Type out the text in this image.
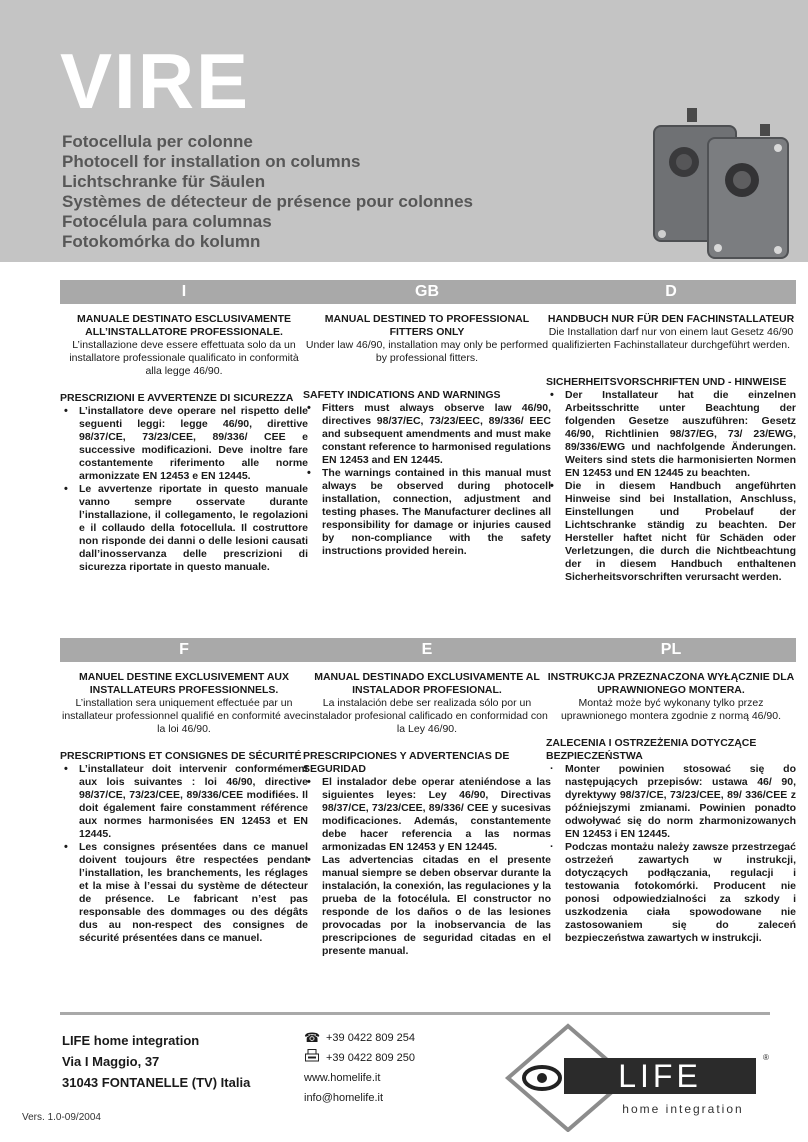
VIRE
Fotocellula per colonne
Photocell for installation on columns
Lichtschranke für Säulen
Systèmes de détecteur de présence pour colonnes
Fotocélula para columnas
Fotokomórka do kolumn
I
MANUALE DESTINATO ESCLUSIVAMENTE ALL’INSTALLATORE PROFESSIONALE.
L’installazione deve essere effettuata solo da un installatore professionale qualificato in conformità alla legge 46/90.
PRESCRIZIONI E AVVERTENZE DI SICUREZZA
• L’installatore deve operare nel rispetto delle seguenti leggi: legge 46/90, direttive 98/37/CE, 73/23/CEE, 89/336/ CEE e successive modificazioni. Deve inoltre fare costantemente riferimento alle norme armonizzate EN 12453 e EN 12445.
• Le avvertenze riportate in questo manuale vanno sempre osservate durante l’installazione, il collegamento, le regolazioni e il collaudo della fotocellula. Il costruttore non risponde dei danni o delle lesioni causati dall’inosservanza delle prescrizioni di sicurezza riportate in questo manuale.
GB
MANUAL DESTINED TO PROFESSIONAL FITTERS ONLY
Under law 46/90, installation may only be performed by professional fitters.
SAFETY INDICATIONS AND WARNINGS
• Fitters must always observe law 46/90, directives 98/37/EC, 73/23/EEC, 89/336/ EEC and subsequent amendments and must make constant reference to harmonised regulations EN 12453 and EN 12445.
• The warnings contained in this manual must always be observed during photocell installation, connection, adjustment and testing phases. The Manufacturer declines all responsibility for damage or injuries caused by non-compliance with the safety instructions provided herein.
D
HANDBUCH NUR FÜR DEN FACHINSTALLATEUR
Die Installation darf nur von einem laut Gesetz 46/90 qualifizierten Fachinstallateur durchgeführt werden.
SICHERHEITSVORSCHRIFTEN UND - HINWEISE
• Der Installateur hat die einzelnen Arbeitsschritte unter Beachtung der folgenden Gesetze auszuführen: Gesetz 46/90, Richtlinien 98/37/EG, 73/ 23/EWG, 89/336/EWG und nachfolgende Änderungen. Weiters sind stets die harmonisierten Normen EN 12453 und EN 12445 zu beachten.
• Die in diesem Handbuch angeführten Hinweise sind bei Installation, Anschluss, Einstellungen und Probelauf der Lichtschranke ständig zu beachten. Der Hersteller haftet nicht für Schäden oder Verletzungen, die durch die Nichtbeachtung der in diesem Handbuch enthaltenen Sicherheitsvorschriften verursacht werden.
F
MANUEL DESTINE EXCLUSIVEMENT AUX INSTALLATEURS PROFESSIONNELS.
L’installation sera uniquement effectuée par un installateur professionnel qualifié en conformité avec la loi 46/90.
PRESCRIPTIONS ET CONSIGNES DE SÉCURITÉ
• L’installateur doit intervenir conformément aux lois suivantes : loi 46/90, directive 98/37/CE, 73/23/CEE, 89/336/CEE modifiées. Il doit également faire constamment référence aux normes harmonisées EN 12453 et EN 12445.
• Les consignes présentées dans ce manuel doivent toujours être respectées pendant l’installation, les branchements, les réglages et la mise à l’essai du système de détecteur de présence. Le fabricant n’est pas responsable des dommages ou des dégâts dus au non-respect des consignes de sécurité présentées dans ce manuel.
E
MANUAL DESTINADO EXCLUSIVAMENTE AL INSTALADOR PROFESIONAL.
La instalación debe ser realizada sólo por un instalador profesional calificado en conformidad con la Ley 46/90.
PRESCRIPCIONES Y ADVERTENCIAS DE SEGURIDAD
• El instalador debe operar ateniéndose a las siguientes leyes: Ley 46/90, Directivas 98/37/CE, 73/23/CEE, 89/336/ CEE y sucesivas modificaciones. Además, constantemente debe hacer referencia a las normas armonizadas EN 12453 y EN 12445.
• Las advertencias citadas en el presente manual siempre se deben observar durante la instalación, la conexión, las regulaciones y la prueba de la fotocélula. El constructor no responde de los daños o de las lesiones provocadas por la inobservancia de las prescripciones de seguridad citadas en el presente manual.
PL
INSTRUKCJA PRZEZNACZONA WYŁĄCZNIE DLA UPRAWNIONEGO MONTERA.
Montaż może być wykonany tylko przez uprawnionego montera zgodnie z normą 46/90.
ZALECENIA I OSTRZEŻENIA DOTYCZĄCE BEZPIECZEŃSTWA
· Monter powinien stosować się do następujących przepisów: ustawa 46/ 90, dyrektywy 98/37/CE, 73/23/CEE, 89/ 336/CEE z późniejszymi zmianami. Powinien ponadto odwoływać się do norm zharmonizowanych EN 12453 i EN 12445.
· Podczas montażu należy zawsze przestrzegać ostrzeżeń zawartych w instrukcji, dotyczących podłączania, regulacji i testowania fotokomórki. Producent nie ponosi odpowiedzialności za szkody i uszkodzenia ciała spowodowane nie zastosowaniem się do zaleceń bezpieczeństwa zawartych w instrukcji.
LIFE home integration
Via I Maggio, 37
31043 FONTANELLE (TV) Italia
☎ +39 0422 809 254
+39 0422 809 250
www.homelife.it
info@homelife.it
Vers. 1.0-09/2004
LIFE
®
home integration
